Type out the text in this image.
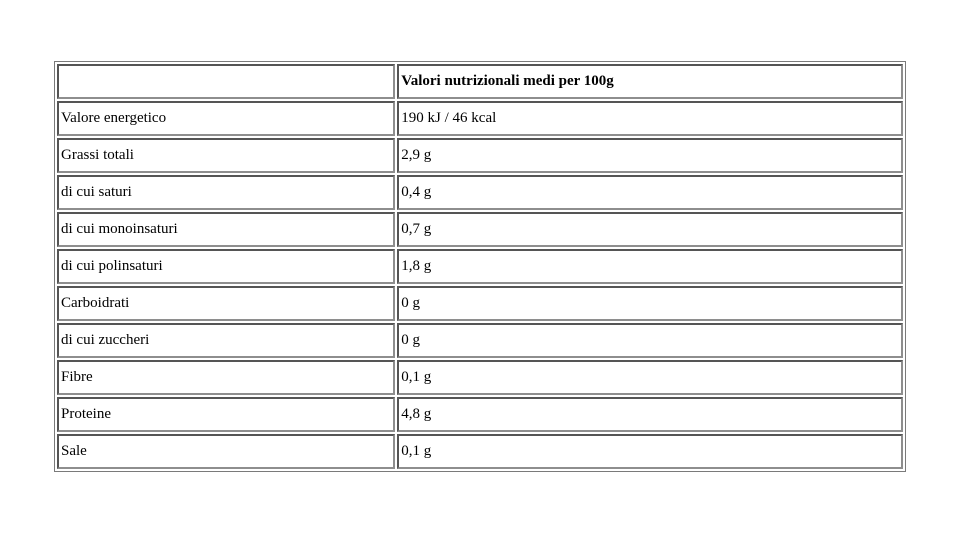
	Valori nutrizionali medi per 100g
Valore energetico	190 kJ / 46 kcal
Grassi totali	2,9 g
di cui saturi	0,4 g
di cui monoinsaturi	0,7 g
di cui polinsaturi	1,8 g
Carboidrati	0 g
di cui zuccheri	0 g
Fibre	0,1 g
Proteine	4,8 g
Sale	0,1 g
